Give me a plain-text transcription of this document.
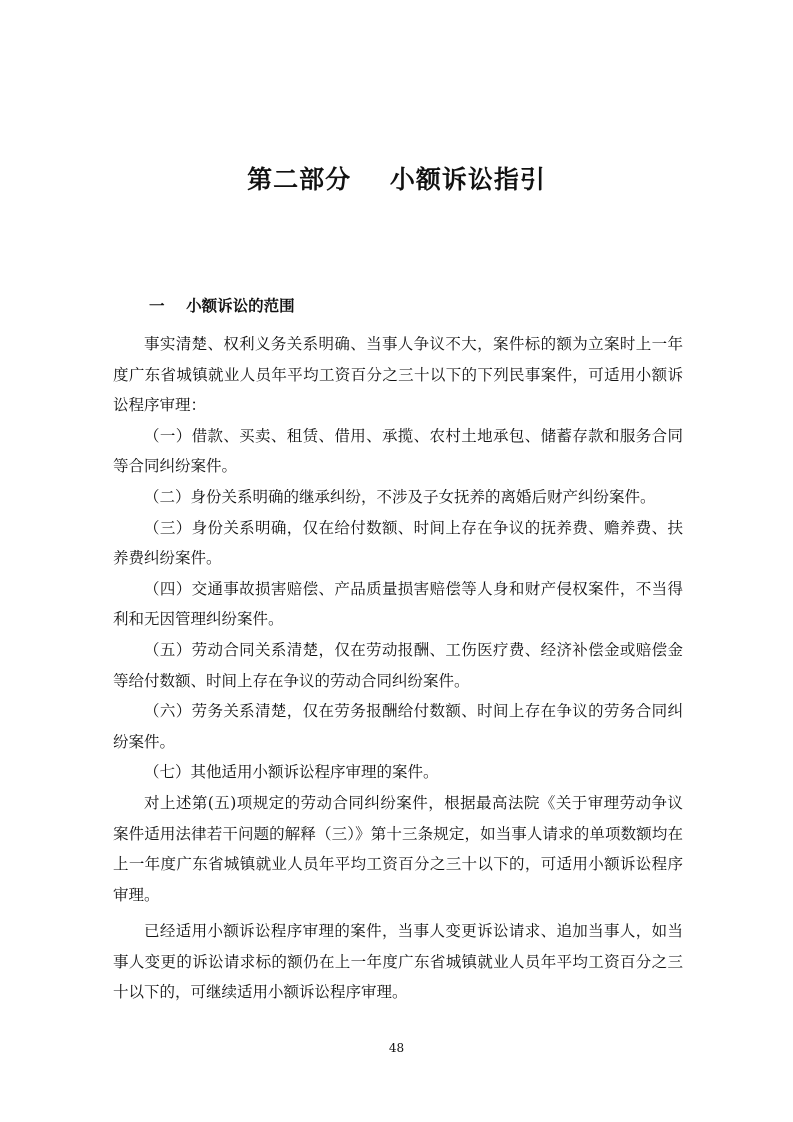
第二部分    小额诉讼指引
一    小额诉讼的范围

事实清楚、权利义务关系明确、当事人争议不大，案件标的额为立案时上一年度广东省城镇就业人员年平均工资百分之三十以下的下列民事案件，可适用小额诉讼程序审理：

（一）借款、买卖、租赁、借用、承揽、农村土地承包、储蓄存款和服务合同等合同纠纷案件。

（二）身份关系明确的继承纠纷，不涉及子女抚养的离婚后财产纠纷案件。

（三）身份关系明确，仅在给付数额、时间上存在争议的抚养费、赡养费、扶养费纠纷案件。

（四）交通事故损害赔偿、产品质量损害赔偿等人身和财产侵权案件，不当得利和无因管理纠纷案件。

（五）劳动合同关系清楚，仅在劳动报酬、工伤医疗费、经济补偿金或赔偿金等给付数额、时间上存在争议的劳动合同纠纷案件。

（六）劳务关系清楚，仅在劳务报酬给付数额、时间上存在争议的劳务合同纠纷案件。

（七）其他适用小额诉讼程序审理的案件。

对上述第(五)项规定的劳动合同纠纷案件，根据最高法院《关于审理劳动争议案件适用法律若干问题的解释（三）》第十三条规定，如当事人请求的单项数额均在上一年度广东省城镇就业人员年平均工资百分之三十以下的，可适用小额诉讼程序审理。

已经适用小额诉讼程序审理的案件，当事人变更诉讼请求、追加当事人，如当事人变更的诉讼请求标的额仍在上一年度广东省城镇就业人员年平均工资百分之三十以下的，可继续适用小额诉讼程序审理。

48
